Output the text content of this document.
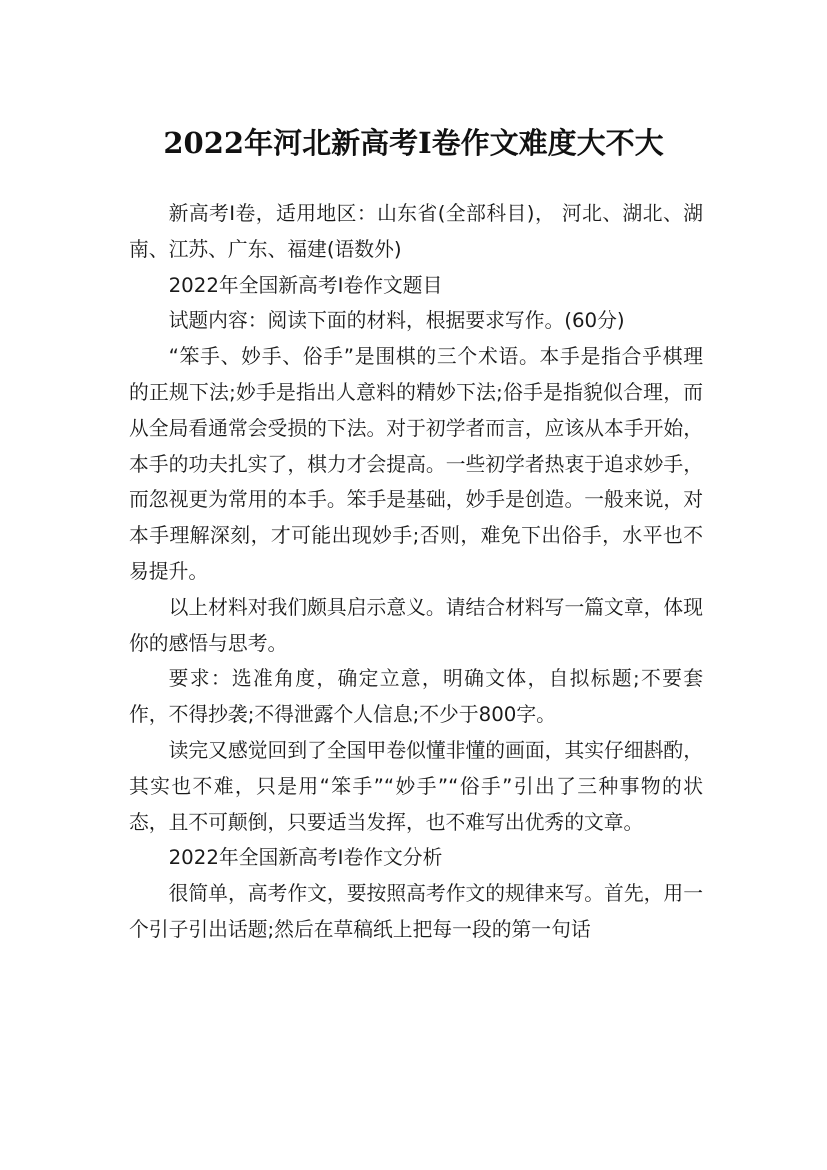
2022年河北新高考Ⅰ卷作文难度大不大

新高考Ⅰ卷，适用地区：山东省(全部科目)， 河北、湖北、湖南、江苏、广东、福建(语数外)

2022年全国新高考Ⅰ卷作文题目

试题内容：阅读下面的材料，根据要求写作。(60分)

“笨手、妙手、俗手”是围棋的三个术语。本手是指合乎棋理的正规下法;妙手是指出人意料的精妙下法;俗手是指貌似合理，而从全局看通常会受损的下法。对于初学者而言，应该从本手开始，本手的功夫扎实了，棋力才会提高。一些初学者热衷于追求妙手，而忽视更为常用的本手。笨手是基础，妙手是创造。一般来说，对本手理解深刻，才可能出现妙手;否则，难免下出俗手，水平也不易提升。

以上材料对我们颇具启示意义。请结合材料写一篇文章，体现你的感悟与思考。

要求：选准角度，确定立意，明确文体，自拟标题;不要套作，不得抄袭;不得泄露个人信息;不少于800字。

读完又感觉回到了全国甲卷似懂非懂的画面，其实仔细斟酌，其实也不难，只是用“笨手”“妙手”“俗手”引出了三种事物的状态，且不可颠倒，只要适当发挥，也不难写出优秀的文章。

2022年全国新高考Ⅰ卷作文分析

很简单，高考作文，要按照高考作文的规律来写。首先，用一个引子引出话题;然后在草稿纸上把每一段的第一句话
